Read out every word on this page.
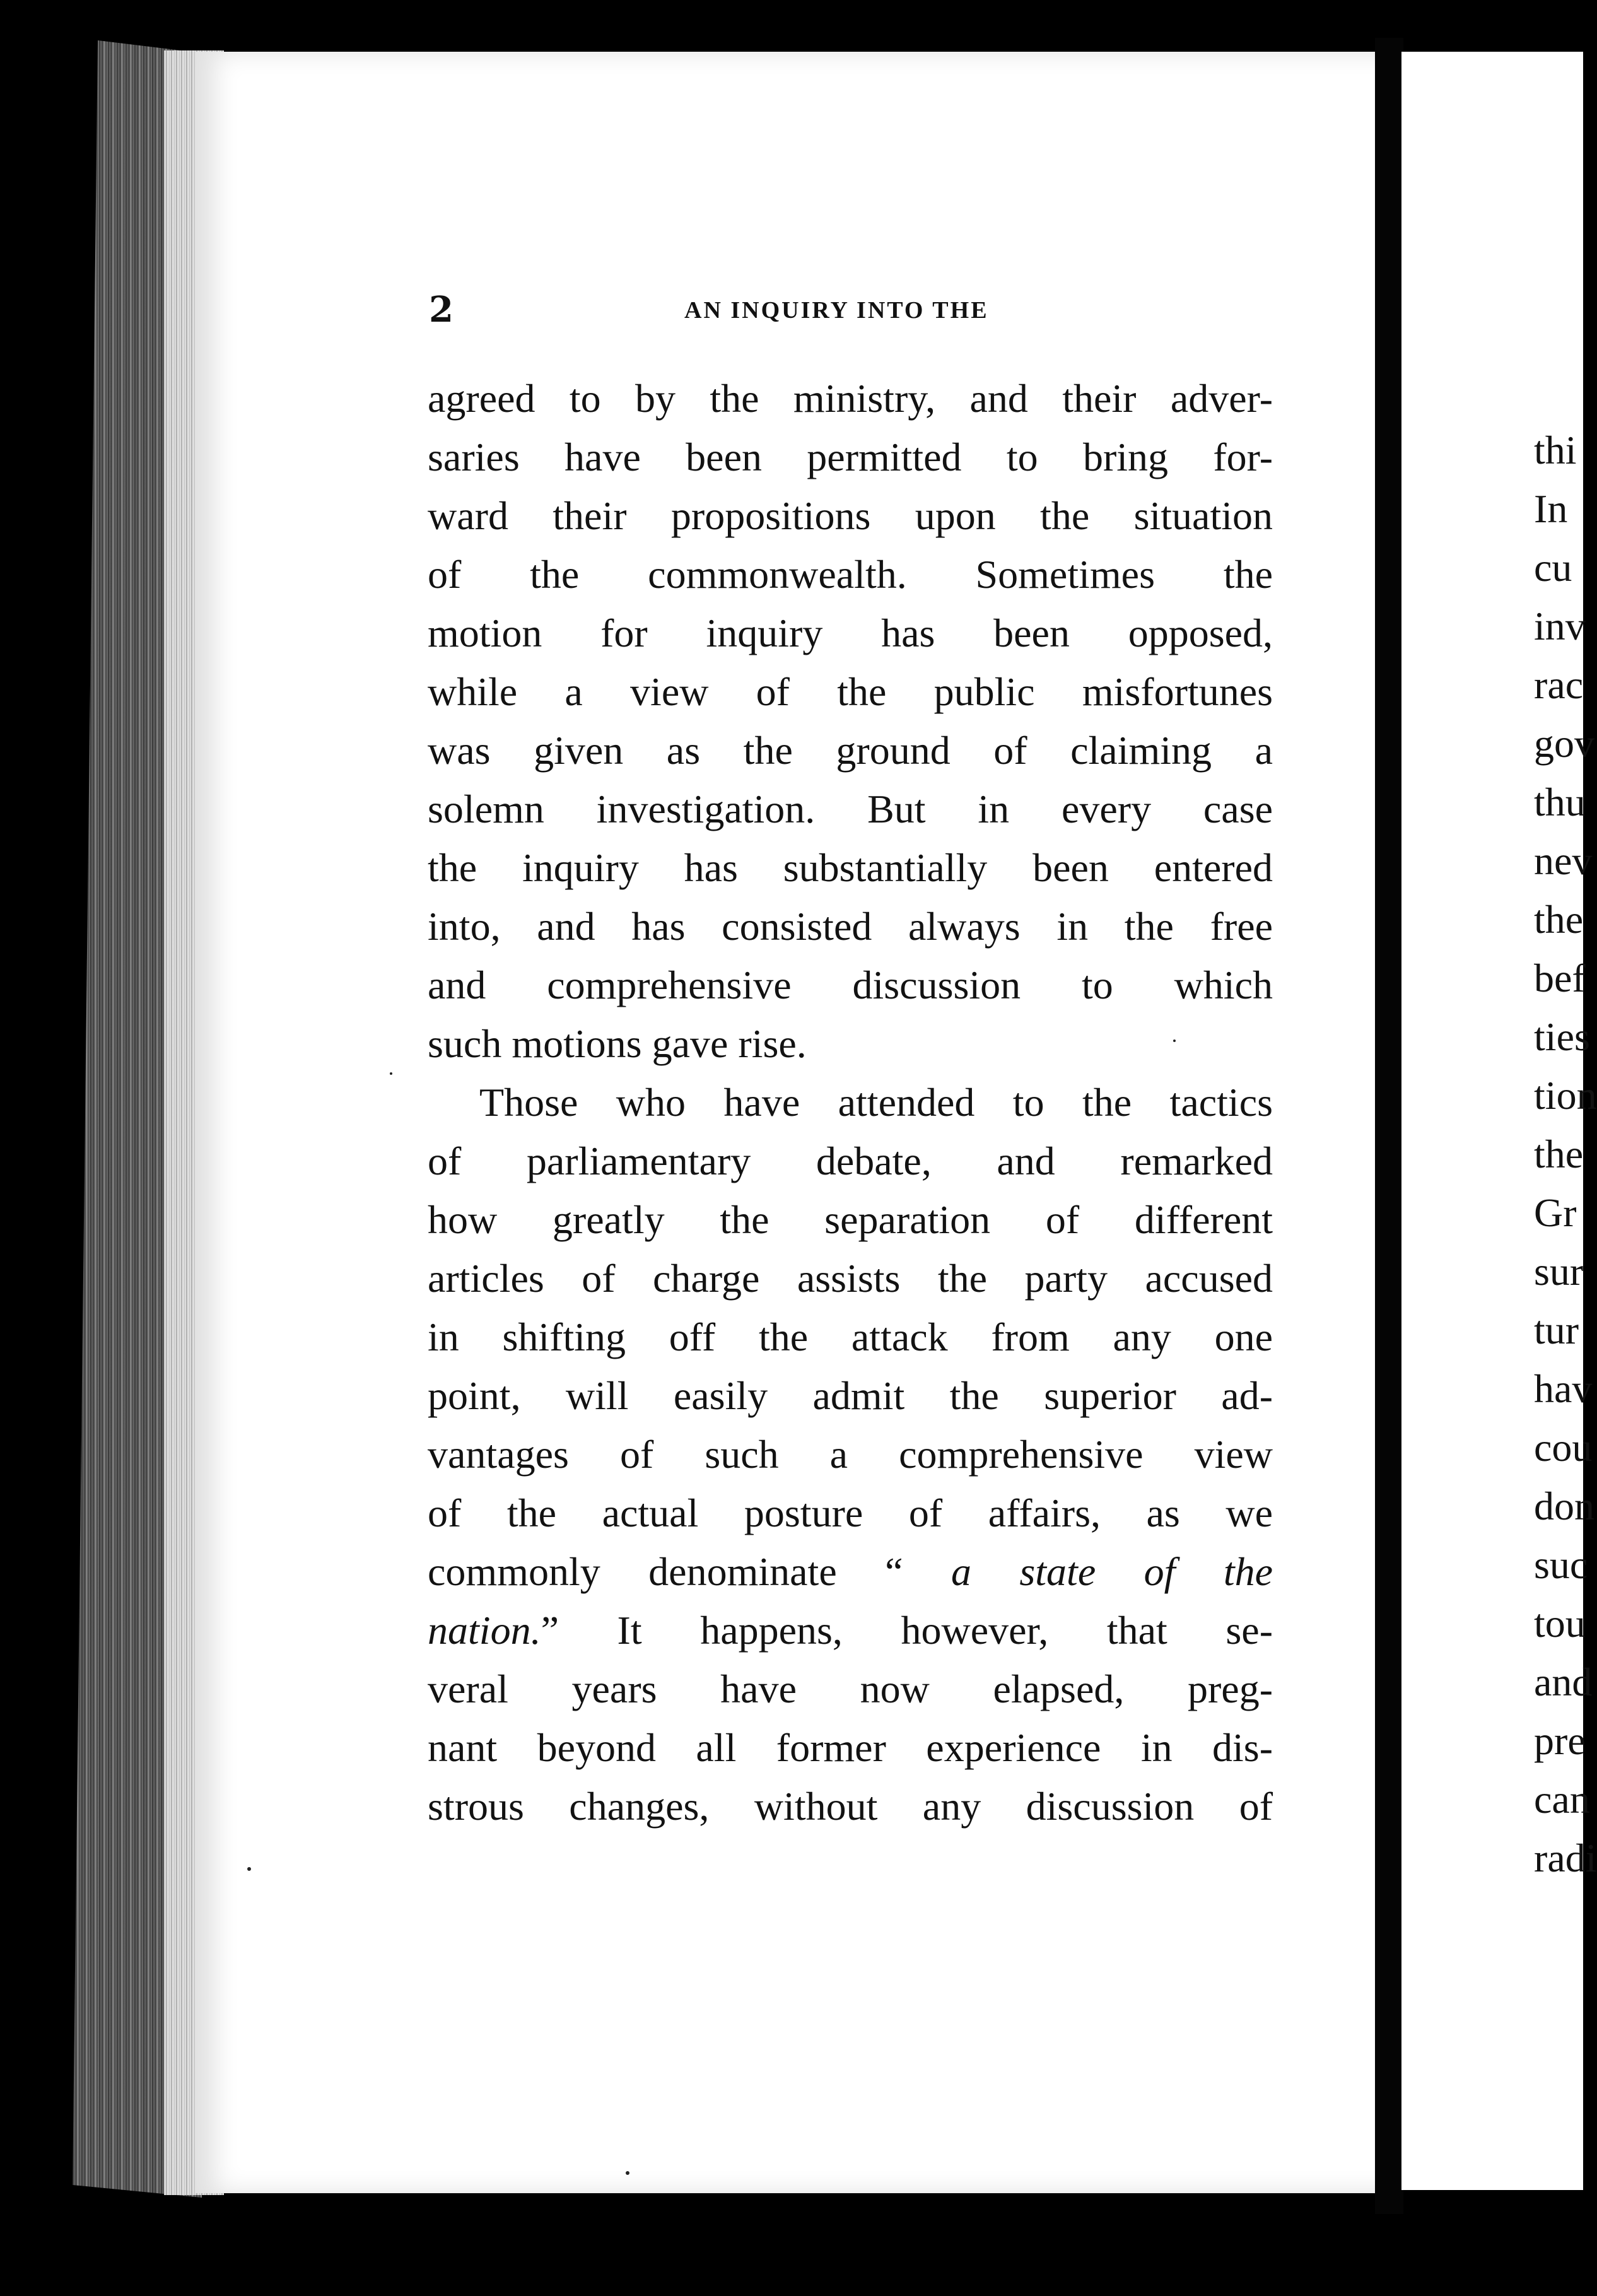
2	AN INQUIRY INTO THE
agreed to by the ministry, and their adver-
saries have been permitted to bring for-
ward their propositions upon the situation
of the commonwealth. Sometimes the
motion for inquiry has been opposed,
while a view of the public misfortunes
was given as the ground of claiming a
solemn investigation. But in every case
the inquiry has substantially been entered
into, and has consisted always in the free
and comprehensive discussion to which
such motions gave rise.
Those who have attended to the tactics
of parliamentary debate, and remarked
how greatly the separation of different
articles of charge assists the party accused
in shifting off the attack from any one
point, will easily admit the superior ad-
vantages of such a comprehensive view
of the actual posture of affairs, as we
commonly denominate “ a state of the
nation.” It happens, however, that se-
veral years have now elapsed, preg-
nant beyond all former experience in dis-
strous changes, without any discussion of
thi
In
cu
inv
rac
gov
thu
nev
the
bef
ties
tion
the
Gr
sur
tur
hav
cou
don
suc
tou
and
pre
can
radi
